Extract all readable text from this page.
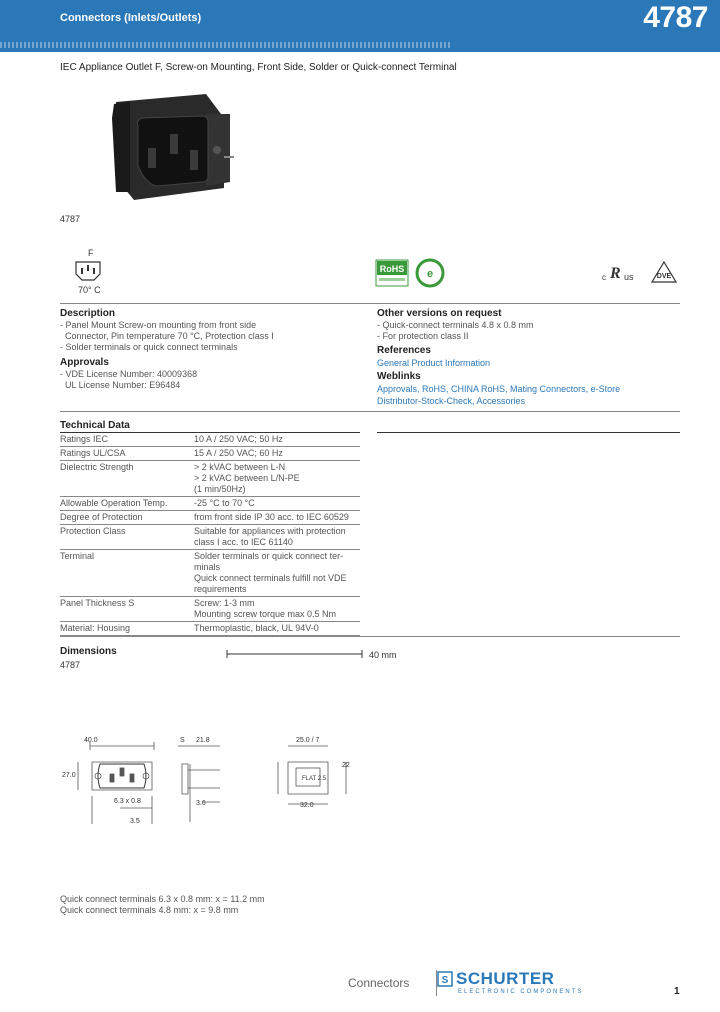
Connectors (Inlets/Outlets)	4787
www.schurter.com/pg07
IEC Appliance Outlet F, Screw-on Mounting, Front Side, Solder or Quick-connect Terminal
4787
F
70° C
RoHS e	c R us	DVE
Description
- Panel Mount Screw-on mounting from front side
Connector, Pin temperature 70 °C, Protection class I
- Solder terminals or quick connect terminals
Approvals
- VDE License Number: 40009368
UL License Number: E96484
Other versions on request
- Quick-connect terminals 4.8 x 0.8 mm
- For protection class II
References
General Product Information
Weblinks
Approvals, RoHS, CHINA RoHS, Mating Connectors, e-Store
Distributor-Stock-Check, Accessories
Technical Data
Ratings IEC	10 A / 250 VAC; 50 Hz
Ratings UL/CSA	15 A / 250 VAC; 60 Hz
Dielectric Strength	> 2 kVAC between L-N
> 2 kVAC between L/N-PE
(1 min/50Hz)
Allowable Operation Temp.	-25 °C to 70 °C
Degree of Protection	from front side IP 30 acc. to IEC 60529
Protection Class	Suitable for appliances with protection
class I acc. to IEC 61140
Terminal	Solder terminals or quick connect ter-
minals
Quick connect terminals fulfill not VDE
requirements
Panel Thickness S	Screw: 1-3 mm
Mounting screw torque max 0.5 Nm
Material: Housing	Thermoplastic, black, UL 94V-0
Dimensions
4787
40 mm
40.0	S 21.8	25.0 / 7
27.0
6.3 x 0.8
3.5
3.6	32.0
22
FLAT 2.5
Quick connect terminals 6.3 x 0.8 mm: x = 11.2 mm
Quick connect terminals 4.8 mm: x = 9.8 mm
Connectors	S SCHURTER
ELECTRONIC COMPONENTS	1
